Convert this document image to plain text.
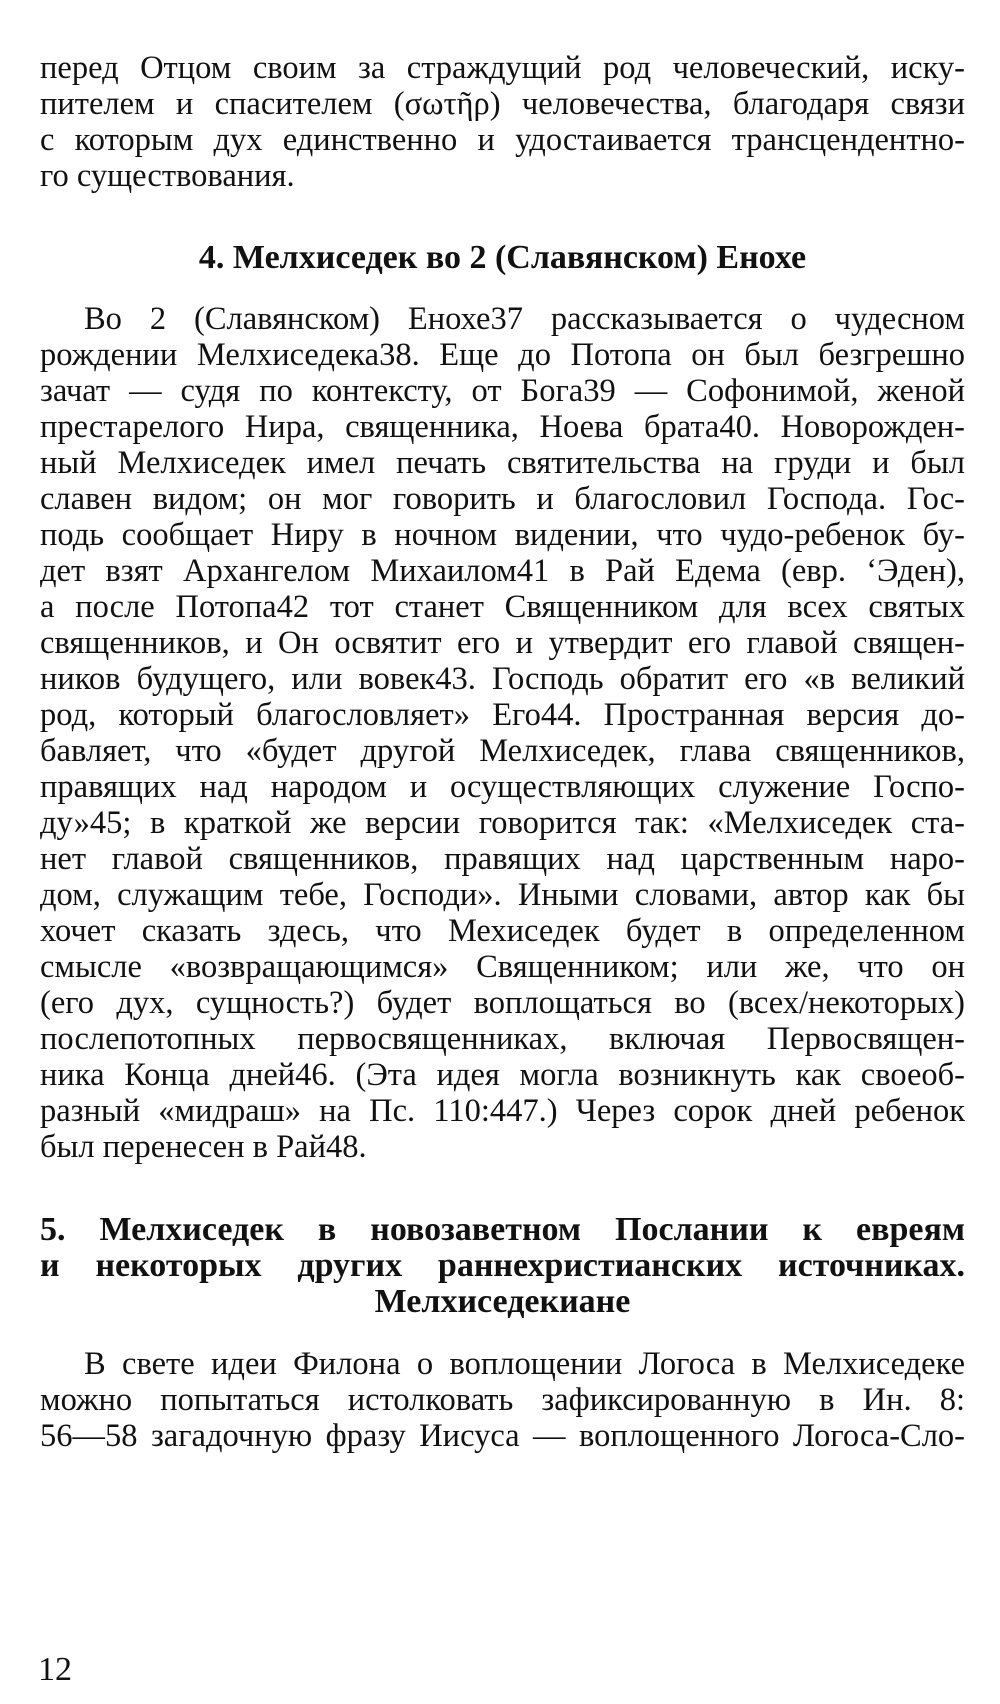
перед Отцом своим за страждущий род человеческий, иску-
пителем и спасителем (σωτῆρ) человечества, благодаря связи
с которым дух единственно и удостаивается трансцендентно-
го существования.
4. Мелхиседек во 2 (Славянском) Енохе
Во 2 (Славянском) Енохе37 рассказывается о чудесном
рождении Мелхиседека38. Еще до Потопа он был безгрешно
зачат — судя по контексту, от Бога39 — Софонимой, женой
престарелого Нира, священника, Ноева брата40. Новорожден-
ный Мелхиседек имел печать святительства на груди и был
славен видом; он мог говорить и благословил Господа. Гос-
подь сообщает Ниру в ночном видении, что чудо-ребенок бу-
дет взят Архангелом Михаилом41 в Рай Едема (евр. ‘Эден),
а после Потопа42 тот станет Священником для всех святых
священников, и Он освятит его и утвердит его главой священ-
ников будущего, или вовек43. Господь обратит его «в великий
род, который благословляет» Его44. Пространная версия до-
бавляет, что «будет другой Мелхиседек, глава священников,
правящих над народом и осуществляющих служение Госпо-
ду»45; в краткой же версии говорится так: «Мелхиседек ста-
нет главой священников, правящих над царственным наро-
дом, служащим тебе, Господи». Иными словами, автор как бы
хочет сказать здесь, что Мехиседек будет в определенном
смысле «возвращающимся» Священником; или же, что он
(его дух, сущность?) будет воплощаться во (всех/некоторых)
послепотопных первосвященниках, включая Первосвящен-
ника Конца дней46. (Эта идея могла возникнуть как своеоб-
разный «мидраш» на Пс. 110:447.) Через сорок дней ребенок
был перенесен в Рай48.
5. Мелхиседек в новозаветном Послании к евреям
и некоторых других раннехристианских источниках.
Мелхиседекиане
В свете идеи Филона о воплощении Логоса в Мелхиседеке
можно попытаться истолковать зафиксированную в Ин. 8:
56—58 загадочную фразу Иисуса — воплощенного Логоса-Сло-
12
